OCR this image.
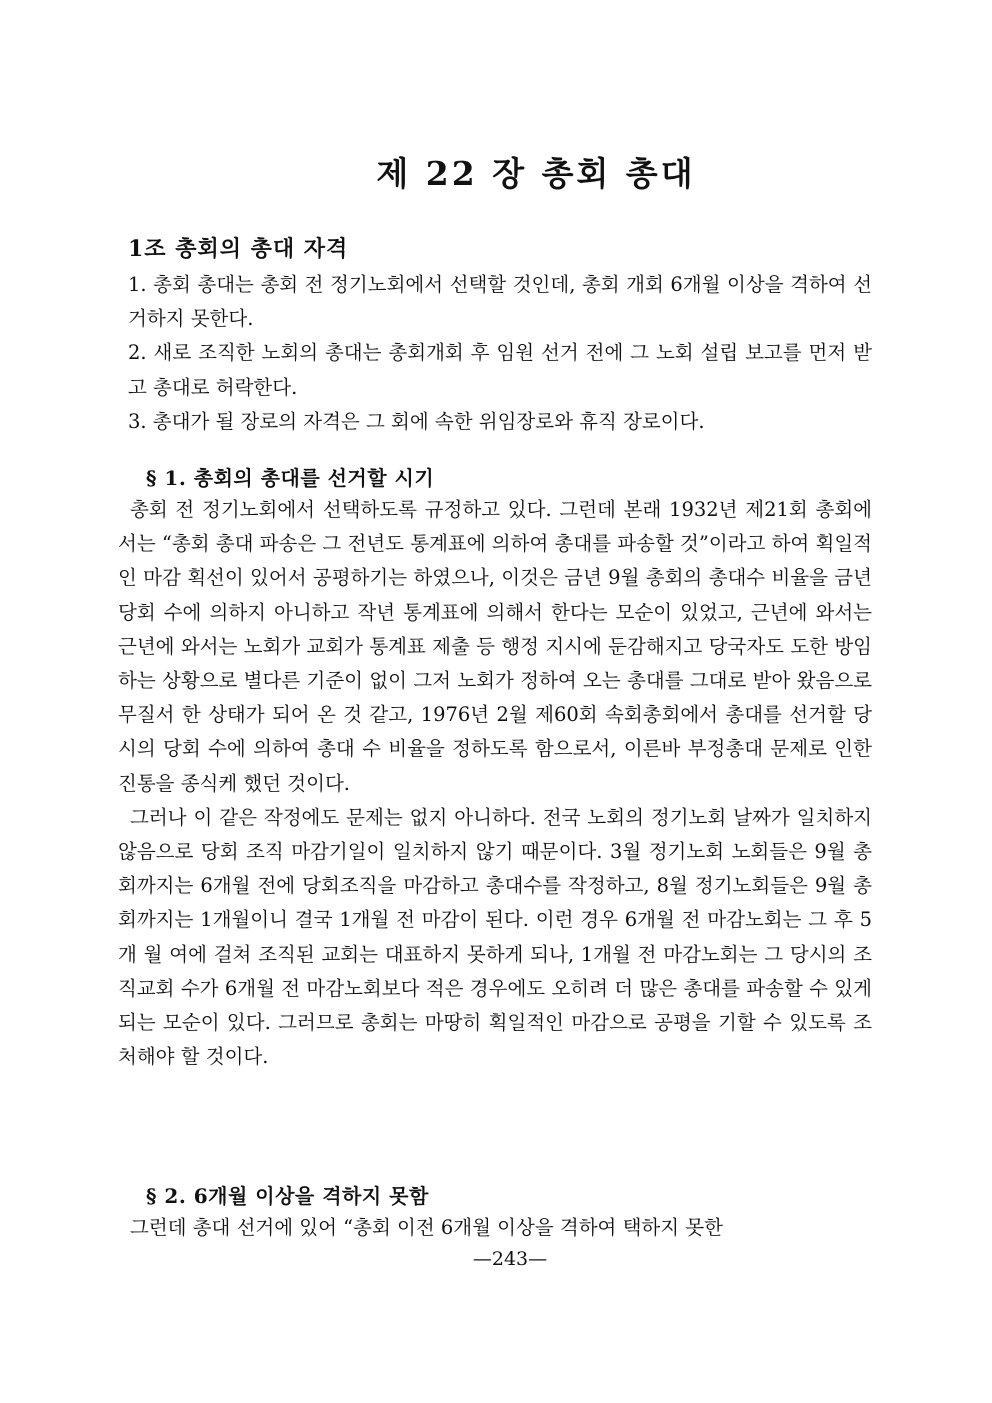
제 22 장 총회 총대
1조 총회의 총대 자격

1. 총회 총대는 총회 전 정기노회에서 선택할 것인데, 총회 개회 6개월 이상을 격하여 선거하지 못한다.

2. 새로 조직한 노회의 총대는 총회개회 후 임원 선거 전에 그 노회 설립 보고를 먼저 받고 총대로 허락한다.

3. 총대가 될 장로의 자격은 그 회에 속한 위임장로와 휴직 장로이다.

§ 1. 총회의 총대를 선거할 시기

총회 전 정기노회에서 선택하도록 규정하고 있다. 그런데 본래 1932년 제21회 총회에서는 “총회 총대 파송은 그 전년도 통계표에 의하여 총대를 파송할 것”이라고 하여 획일적인 마감 획선이 있어서 공평하기는 하였으나, 이것은 금년 9월 총회의 총대수 비율을 금년 당회 수에 의하지 아니하고 작년 통계표에 의해서 한다는 모순이 있었고, 근년에 와서는 근년에 와서는 노회가 교회가 통계표 제출 등 행정 지시에 둔감해지고 당국자도 도한 방임하는 상황으로 별다른 기준이 없이 그저 노회가 정하여 오는 총대를 그대로 받아 왔음으로 무질서 한 상태가 되어 온 것 같고, 1976년 2월 제60회 속회총회에서 총대를 선거할 당시의 당회 수에 의하여 총대 수 비율을 정하도록 함으로서, 이른바 부정총대 문제로 인한 진통을 종식케 했던 것이다.

그러나 이 같은 작정에도 문제는 없지 아니하다. 전국 노회의 정기노회 날짜가 일치하지 않음으로 당회 조직 마감기일이 일치하지 않기 때문이다. 3월 정기노회 노회들은 9월 총회까지는 6개월 전에 당회조직을 마감하고 총대수를 작정하고, 8월 정기노회들은 9월 총회까지는 1개월이니 결국 1개월 전 마감이 된다. 이런 경우 6개월 전 마감노회는 그 후 5개 월 여에 걸쳐 조직된 교회는 대표하지 못하게 되나, 1개월 전 마감노회는 그 당시의 조직교회 수가 6개월 전 마감노회보다 적은 경우에도 오히려 더 많은 총대를 파송할 수 있게 되는 모순이 있다. 그러므로 총회는 마땅히 획일적인 마감으로 공평을 기할 수 있도록 조처해야 할 것이다.

§ 2. 6개월 이상을 격하지 못함

그런데 총대 선거에 있어 “총회 이전 6개월 이상을 격하여 택하지 못한

—243—
